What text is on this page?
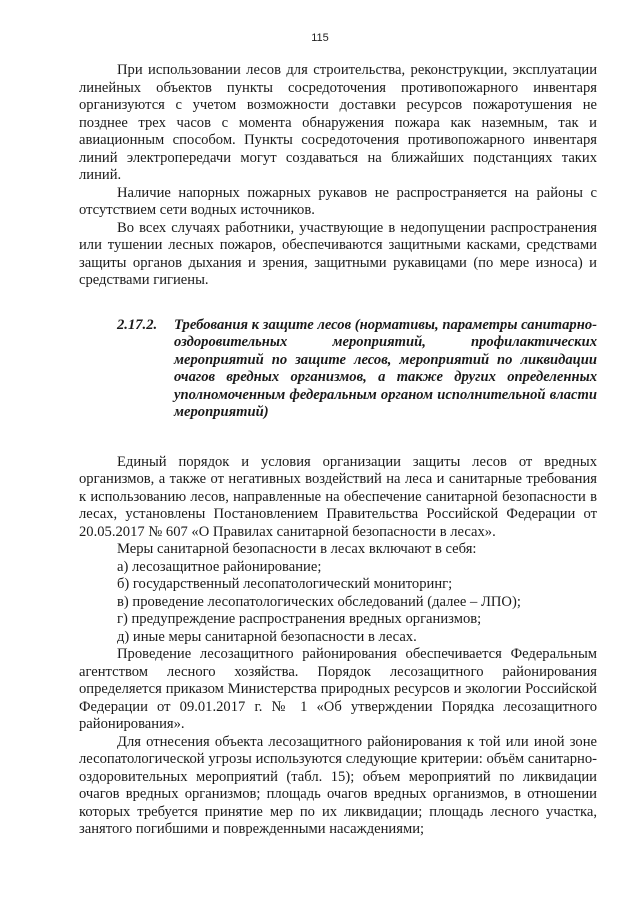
115

При использовании лесов для строительства, реконструкции, эксплуатации линейных объектов пункты сосредоточения противопожарного инвентаря организуются с учетом возможности доставки ресурсов пожаротушения не позднее трех часов с момента обнаружения пожара как наземным, так и авиационным способом. Пункты сосредоточения противопожарного инвентаря линий электропередачи могут создаваться на ближайших подстанциях таких линий.

Наличие напорных пожарных рукавов не распространяется на районы с отсутствием сети водных источников.

Во всех случаях работники, участвующие в недопущении распространения или тушении лесных пожаров, обеспечиваются защитными касками, средствами защиты органов дыхания и зрения, защитными рукавицами (по мере износа) и средствами гигиены.

2.17.2. Требования к защите лесов (нормативы, параметры санитарно-оздоровительных мероприятий, профилактических мероприятий по защите лесов, мероприятий по ликвидации очагов вредных организмов, а также других определенных уполномоченным федеральным органом исполнительной власти мероприятий)

Единый порядок и условия организации защиты лесов от вредных организмов, а также от негативных воздействий на леса и санитарные требования к использованию лесов, направленные на обеспечение санитарной безопасности в лесах, установлены Постановлением Правительства Российской Федерации от 20.05.2017 № 607 «О Правилах санитарной безопасности в лесах».

Меры санитарной безопасности в лесах включают в себя:

а) лесозащитное районирование;

б) государственный лесопатологический мониторинг;

в) проведение лесопатологических обследований (далее – ЛПО);

г) предупреждение распространения вредных организмов;

д) иные меры санитарной безопасности в лесах.

Проведение лесозащитного районирования обеспечивается Федеральным агентством лесного хозяйства. Порядок лесозащитного районирования определяется приказом Министерства природных ресурсов и экологии Российской Федерации от 09.01.2017 г. № 1 «Об утверждении Порядка лесозащитного районирования».

Для отнесения объекта лесозащитного районирования к той или иной зоне лесопатологической угрозы используются следующие критерии: объём санитарно-оздоровительных мероприятий (табл. 15); объем мероприятий по ликвидации очагов вредных организмов; площадь очагов вредных организмов, в отношении которых требуется принятие мер по их ликвидации; площадь лесного участка, занятого погибшими и поврежденными насаждениями;
